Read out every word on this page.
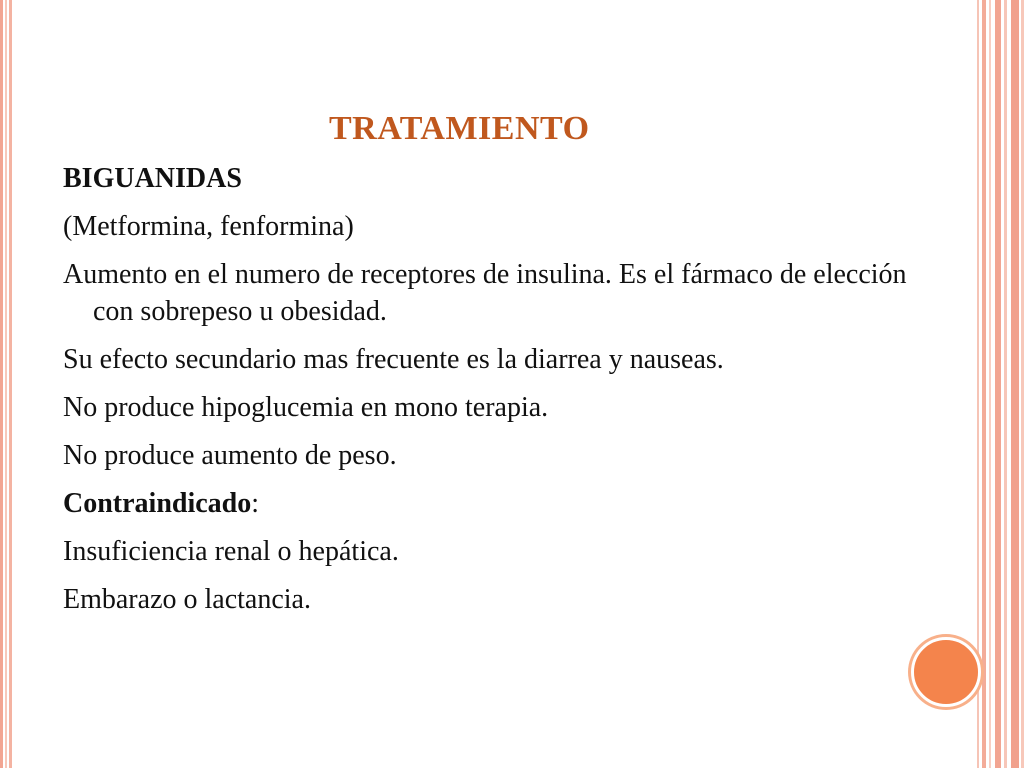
TRATAMIENTO

BIGUANIDAS

(Metformina, fenformina)

Aumento en el numero de receptores de insulina. Es el fármaco de elección con sobrepeso u obesidad.

Su efecto secundario mas frecuente es la diarrea y nauseas.

No produce hipoglucemia en mono terapia.

No produce aumento de peso.

Contraindicado:

Insuficiencia renal o hepática.

Embarazo o lactancia.
